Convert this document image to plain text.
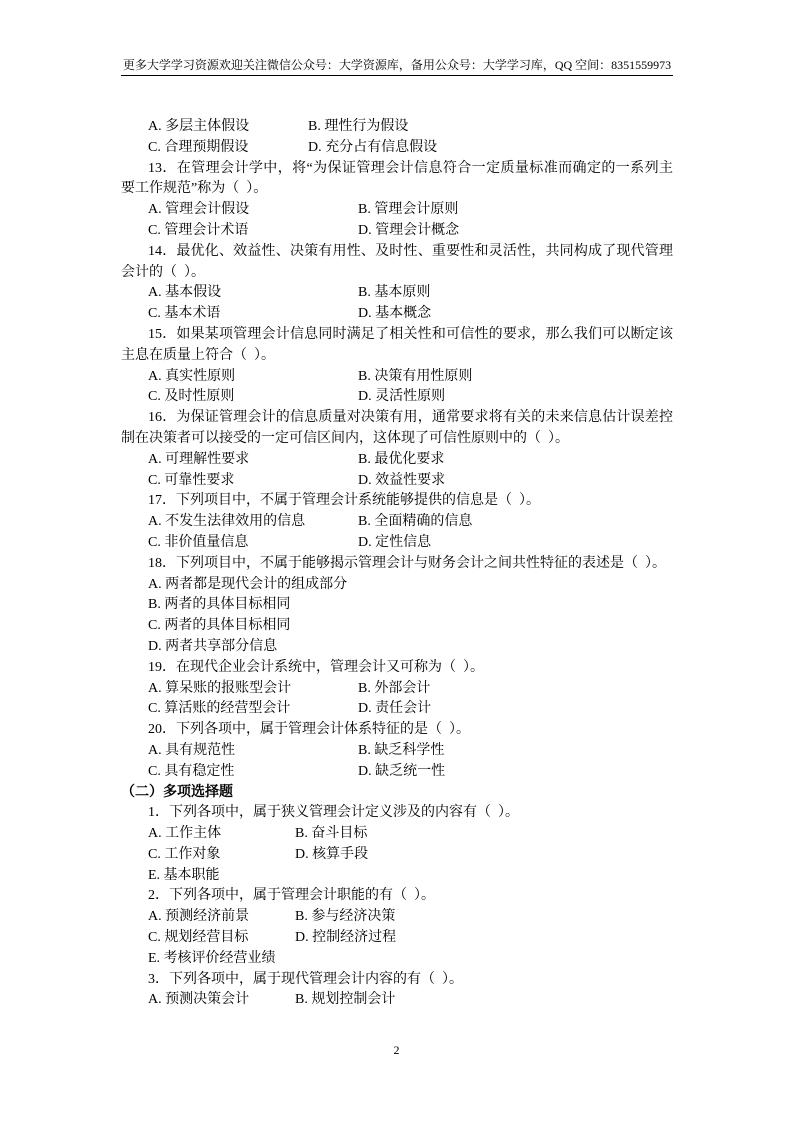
更多大学学习资源欢迎关注微信公众号：大学资源库，备用公众号：大学学习库，QQ 空间：8351559973
A. 多层主体假设	B. 理性行为假设
C. 合理预期假设	D. 充分占有信息假设
13．在管理会计学中，将“为保证管理会计信息符合一定质量标准而确定的一系列主
要工作规范”称为（  ）。
A. 管理会计假设	B. 管理会计原则
C. 管理会计术语	D. 管理会计概念
14．最优化、效益性、决策有用性、及时性、重要性和灵活性，共同构成了现代管理
会计的（  ）。
A. 基本假设	B. 基本原则
C. 基本术语	D. 基本概念
15．如果某项管理会计信息同时满足了相关性和可信性的要求，那么我们可以断定该
主息在质量上符合（  ）。
A. 真实性原则	B. 决策有用性原则
C. 及时性原则	D. 灵活性原则
16．为保证管理会计的信息质量对决策有用，通常要求将有关的未来信息估计误差控
制在决策者可以接受的一定可信区间内，这体现了可信性原则中的（  ）。
A. 可理解性要求	B. 最优化要求
C. 可靠性要求	D. 效益性要求
17．下列项目中，不属于管理会计系统能够提供的信息是（  ）。
A. 不发生法律效用的信息	B. 全面精确的信息
C. 非价值量信息	D. 定性信息
18．下列项目中，不属于能够揭示管理会计与财务会计之间共性特征的表述是（  ）。
A. 两者都是现代会计的组成部分
B. 两者的具体目标相同
C. 两者的具体目标相同
D. 两者共享部分信息
19．在现代企业会计系统中，管理会计又可称为（  ）。
A. 算呆账的报账型会计	B. 外部会计
C. 算活账的经营型会计	D. 责任会计
20．下列各项中，属于管理会计体系特征的是（  ）。
A. 具有规范性	B. 缺乏科学性
C. 具有稳定性	D. 缺乏统一性
（二）多项选择题
1．下列各项中，属于狭义管理会计定义涉及的内容有（  ）。
A. 工作主体	B. 奋斗目标
C. 工作对象	D. 核算手段
E. 基本职能
2．下列各项中，属于管理会计职能的有（  ）。
A. 预测经济前景	B. 参与经济决策
C. 规划经营目标	D. 控制经济过程
E. 考核评价经营业绩
3．下列各项中，属于现代管理会计内容的有（  ）。
A. 预测决策会计	B. 规划控制会计
2
